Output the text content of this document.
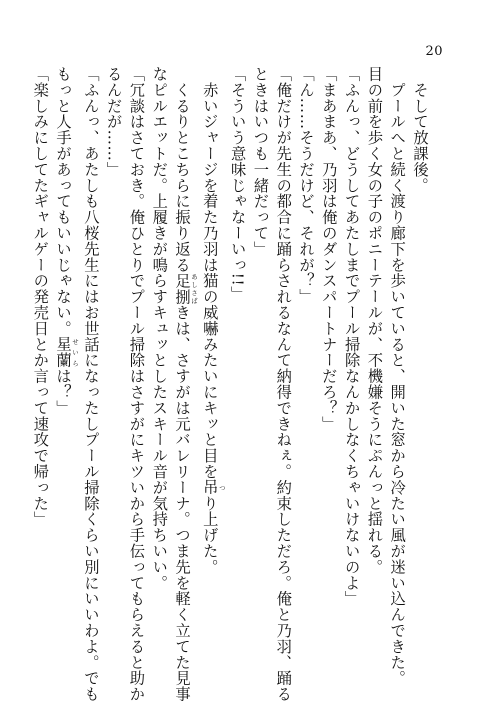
20
　そして放課後。
　プールへと続く渡り廊下を歩いていると、開いた窓から冷たい風が迷い込んできた。
目の前を歩く女の子のポニーテールが、不機嫌そうにぷんっと揺れる。
「ふんっ、どうしてあたしまでプール掃除なんかしなくちゃいけないのよ」
「まあまあ、乃羽は俺のダンスパートナーだろ？」
「ん……そうだけど、それが？」
「俺だけが先生の都合に踊らされるなんて納得できねぇ。約束しただろ。俺と乃羽、踊る
ときはいつも一緒だって」
「そういう意味じゃなーいっ!!」
　赤いジャージを着た乃羽は猫の威嚇みたいにキッと目を吊 つり上げた。
　くるりとこちらに振り返る足捌 あしさばきは、さすがは元バレリーナ。つま先を軽く立てた見事
なピルエットだ。上履きが鳴らすキュッとしたスキール音が気持ちいい。
「冗談はさておき。俺ひとりでプール掃除はさすがにキツいから手伝ってもらえると助か
るんだが……」
「ふんっ、あたしも八桜先生にはお世話になったしプール掃除くらい別にいいわよ。でも
もっと人手があってもいいじゃない。星蘭 せいらは？」
「楽しみにしてたギャルゲーの発売日とか言って速攻で帰った」
